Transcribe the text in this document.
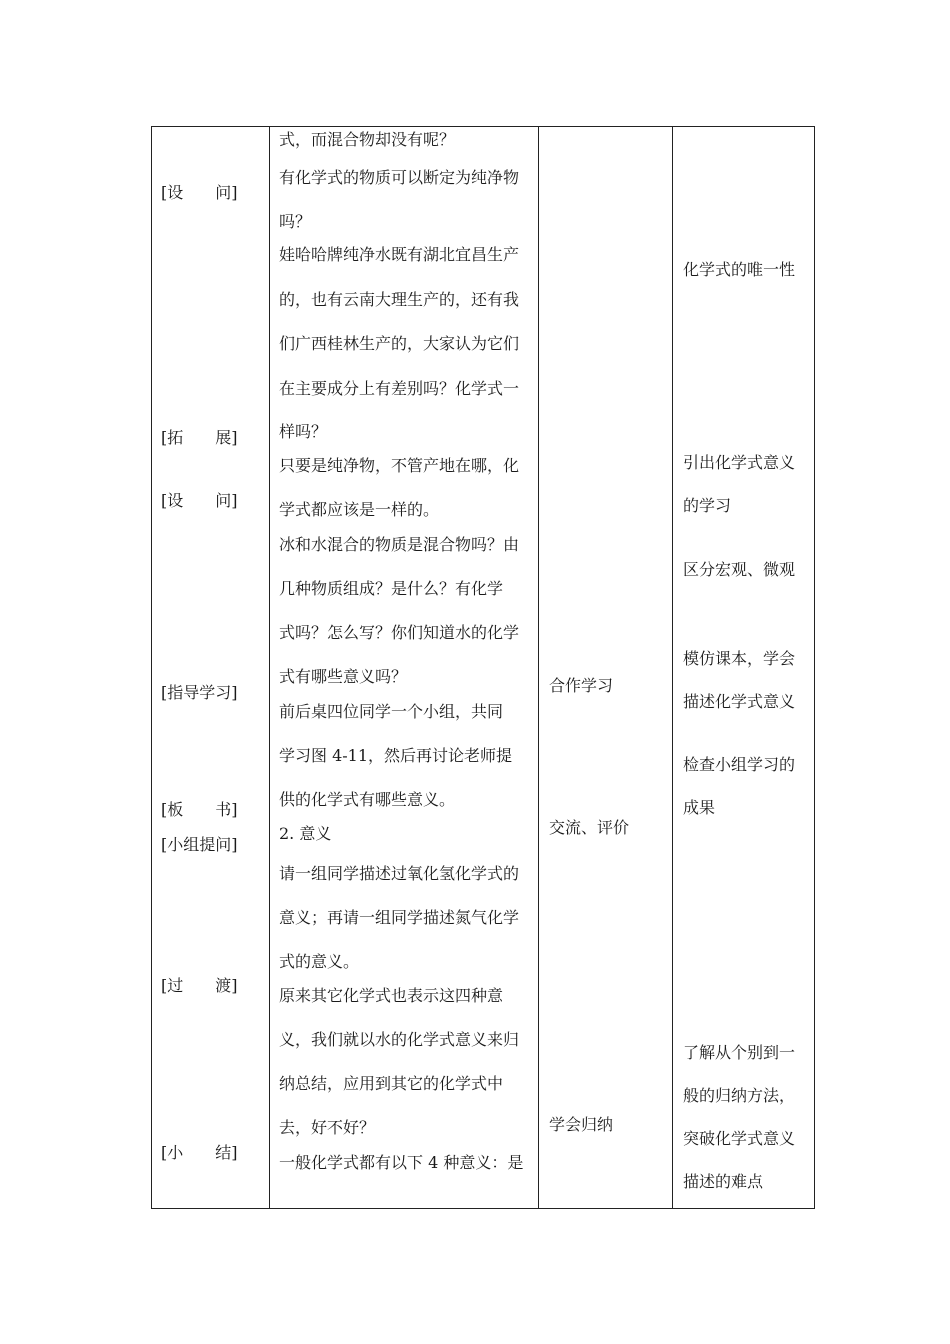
[设　　问]
[拓　　展]
[设　　问]
[指导学习]
[板　　书]
[小组提问]
[过　　渡]
[小　　结]
式，而混合物却没有呢？
有化学式的物质可以断定为纯净物
吗？
娃哈哈牌纯净水既有湖北宜昌生产
的，也有云南大理生产的，还有我
们广西桂林生产的，大家认为它们
在主要成分上有差别吗？化学式一
样吗？
只要是纯净物，不管产地在哪，化
学式都应该是一样的。
冰和水混合的物质是混合物吗？由
几种物质组成？是什么？有化学
式吗？怎么写？你们知道水的化学
式有哪些意义吗？
前后桌四位同学一个小组，共同
学习图 4-11，然后再讨论老师提
供的化学式有哪些意义。
2. 意义
请一组同学描述过氧化氢化学式的
意义；再请一组同学描述氮气化学
式的意义。
原来其它化学式也表示这四种意
义，我们就以水的化学式意义来归
纳总结，应用到其它的化学式中
去，好不好？
一般化学式都有以下 4 种意义：是
合作学习
交流、评价
学会归纳
化学式的唯一性
引出化学式意义
的学习
区分宏观、微观
模仿课本，学会
描述化学式意义
检查小组学习的
成果
了解从个别到一
般的归纳方法，
突破化学式意义
描述的难点
